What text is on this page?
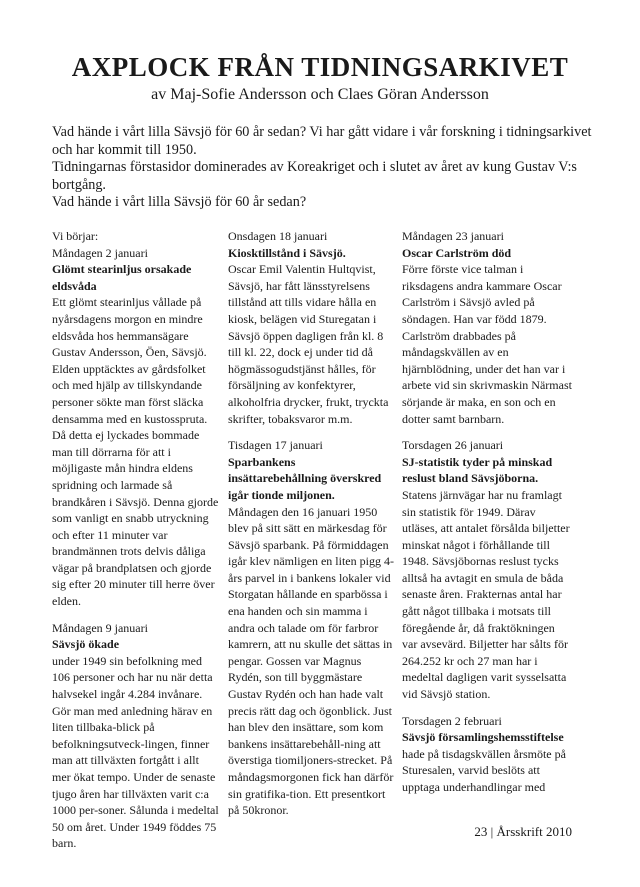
AXPLOCK FRÅN TIDNINGSARKIVET
av Maj-Sofie Andersson och Claes Göran Andersson

Vad hände i vårt lilla Sävsjö för 60 år sedan? Vi har gått vidare i vår forskning i tidningsarkivet och har kommit till 1950.

Tidningarnas förstasidor dominerades av Koreakriget och i slutet av året av kung Gustav V:s bortgång.

Vad hände i vårt lilla Sävsjö för 60 år sedan?

Vi börjar:
Måndagen 2 januari
Glömt stearinljus orsakade eldsvåda
Ett glömt stearinljus vållade på nyårsdagens morgon en mindre eldsvåda hos hemmansägare Gustav Andersson, Öen, Sävsjö. Elden upptäcktes av gårdsfolket och med hjälp av tillskyndande personer sökte man först släcka densamma med en kustosspruta. Då detta ej lyckades bommade man till dörrarna för att i möjligaste mån hindra eldens spridning och larmade så brandkåren i Sävsjö. Denna gjorde som vanligt en snabb utryckning och efter 11 minuter var brandmännen trots delvis dåliga vägar på brandplatsen och gjorde sig efter 20 minuter till herre över elden.
Måndagen 9 januari
Sävsjö ökade
under 1949 sin befolkning med 106 personer och har nu när detta halvsekel ingår 4.284 invånare. Gör man med anledning härav en liten tillbaka-blick på befolkningsutveck-lingen, finner man att tillväxten fortgått i allt mer ökat tempo. Under de senaste tjugo åren har tillväxten varit c:a 1000 per-soner. Sålunda i medeltal 50 om året. Under 1949 föddes 75 barn.
Onsdagen 18 januari
Kiosktillstånd i Sävsjö.
Oscar Emil Valentin Hultqvist, Sävsjö, har fått länsstyrelsens tillstånd att tills vidare hålla en kiosk, belägen vid Sturegatan i Sävsjö öppen dagligen från kl. 8 till kl. 22, dock ej under tid då högmässogudstjänst hålles, för försäljning av konfektyrer, alkoholfria drycker, frukt, tryckta skrifter, tobaksvaror m.m.
Tisdagen 17 januari
Sparbankens insättarebehållning överskred igår tionde miljonen.
Måndagen den 16 januari 1950 blev på sitt sätt en märkesdag för Sävsjö sparbank. På förmiddagen igår klev nämligen en liten pigg 4-års parvel in i bankens lokaler vid Storgatan hållande en sparbössa i ena handen och sin mamma i andra och talade om för farbror kamrern, att nu skulle det sättas in pengar. Gossen var Magnus Rydén, son till byggmästare Gustav Rydén och han hade valt precis rätt dag och ögonblick. Just han blev den insättare, som kom bankens insättarebehåll-ning att överstiga tiomiljoners-strecket. På måndagsmorgonen fick han därför sin gratifika-tion. Ett presentkort på 50kronor.
Måndagen 23 januari
Oscar Carlström död
Förre förste vice talman i riksdagens andra kammare Oscar Carlström i Sävsjö avled på söndagen. Han var född 1879. Carlström drabbades på måndagskvällen av en hjärnblödning, under det han var i arbete vid sin skrivmaskin Närmast sörjande är maka, en son och en dotter samt barnbarn.
Torsdagen 26 januari
SJ-statistik tyder på minskad reslust bland Sävsjöborna.
Statens järnvägar har nu framlagt sin statistik för 1949. Därav utläses, att antalet försålda biljetter minskat något i förhållande till 1948. Sävsjöbornas reslust tycks alltså ha avtagit en smula de båda senaste åren. Frakternas antal har gått något tillbaka i motsats till föregående år, då fraktökningen var avsevärd. Biljetter har sålts för 264.252 kr och 27 man har i medeltal dagligen varit sysselsatta vid Sävsjö station.
Torsdagen 2 februari
Sävsjö församlingshemsstiftelse
hade på tisdagskvällen årsmöte på Sturesalen, varvid beslöts att upptaga underhandlingar med
23 | Årsskrift 2010
